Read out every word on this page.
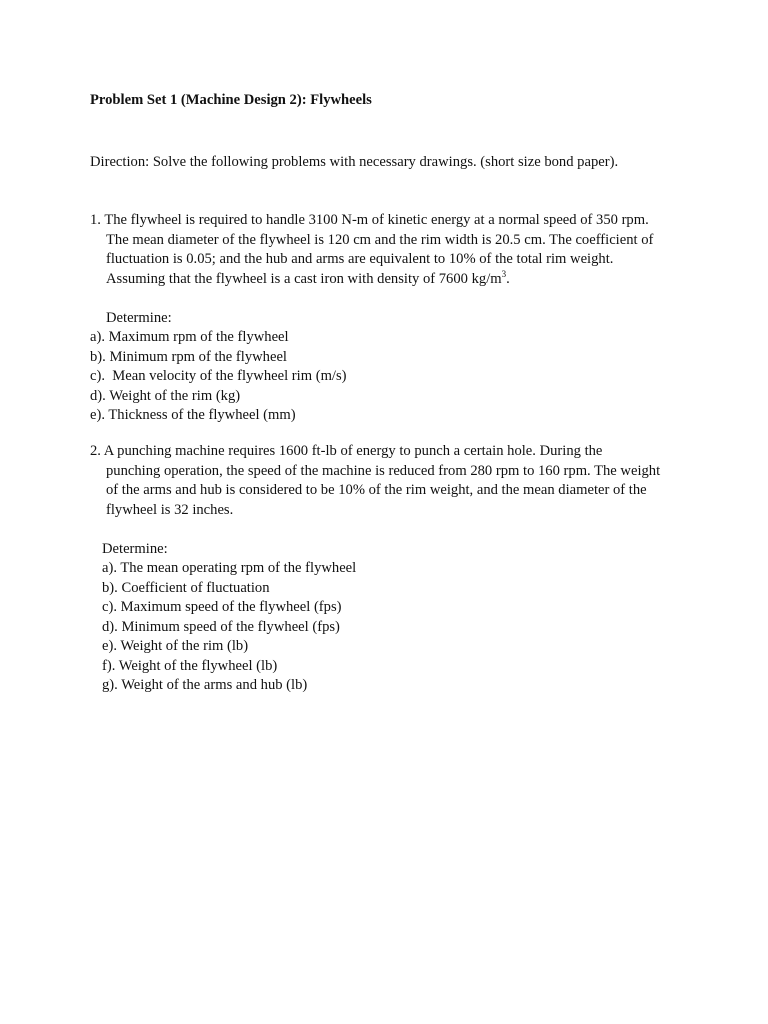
Problem Set 1 (Machine Design 2): Flywheels
Direction: Solve the following problems with necessary drawings. (short size bond paper).

1. The flywheel is required to handle 3100 N-m of kinetic energy at a normal speed of 350 rpm.
The mean diameter of the flywheel is 120 cm and the rim width is 20.5 cm. The coefficient of
fluctuation is 0.05; and the hub and arms are equivalent to 10% of the total rim weight.
Assuming that the flywheel is a cast iron with density of 7600 $kg/m^3$.

Determine:
a). Maximum rpm of the flywheel
b). Minimum rpm of the flywheel
c).  Mean velocity of the flywheel rim (m/s)
d). Weight of the rim (kg)
e). Thickness of the flywheel (mm)

2. A punching machine requires 1600 ft-lb of energy to punch a certain hole. During the
punching operation, the speed of the machine is reduced from 280 rpm to 160 rpm. The weight
of the arms and hub is considered to be 10% of the rim weight, and the mean diameter of the
flywheel is 32 inches.

Determine:
a). The mean operating rpm of the flywheel
b). Coefficient of fluctuation
c). Maximum speed of the flywheel (fps)
d). Minimum speed of the flywheel (fps)
e). Weight of the rim (lb)
f). Weight of the flywheel (lb)
g). Weight of the arms and hub (lb)
